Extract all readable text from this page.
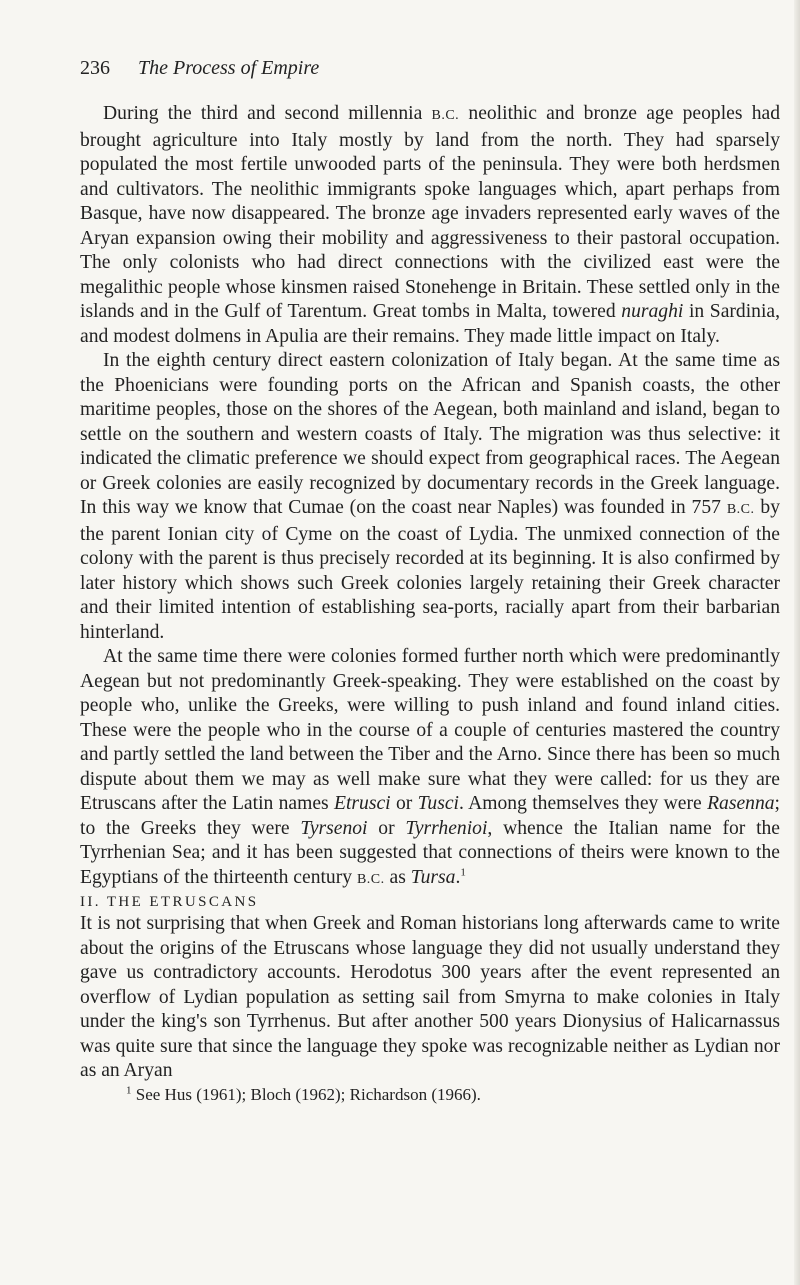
236 The Process of Empire

During the third and second millennia B.C. neolithic and bronze age peoples had brought agriculture into Italy mostly by land from the north. They had sparsely populated the most fertile unwooded parts of the peninsula. They were both herdsmen and cultivators. The neolithic immigrants spoke languages which, apart perhaps from Basque, have now disappeared. The bronze age invaders represented early waves of the Aryan expansion owing their mobility and aggressiveness to their pastoral occupation. The only colonists who had direct connections with the civilized east were the megalithic people whose kinsmen raised Stonehenge in Britain. These settled only in the islands and in the Gulf of Tarentum. Great tombs in Malta, towered nuraghi in Sardinia, and modest dolmens in Apulia are their remains. They made little impact on Italy.

In the eighth century direct eastern colonization of Italy began. At the same time as the Phoenicians were founding ports on the African and Spanish coasts, the other maritime peoples, those on the shores of the Aegean, both mainland and island, began to settle on the southern and western coasts of Italy. The migration was thus selective: it indicated the climatic preference we should expect from geographical races. The Aegean or Greek colonies are easily recognized by documentary records in the Greek language. In this way we know that Cumae (on the coast near Naples) was founded in 757 B.C. by the parent Ionian city of Cyme on the coast of Lydia. The unmixed connection of the colony with the parent is thus precisely recorded at its beginning. It is also confirmed by later history which shows such Greek colonies largely retaining their Greek character and their limited intention of establishing sea-ports, racially apart from their barbarian hinterland.

At the same time there were colonies formed further north which were predominantly Aegean but not predominantly Greek-speaking. They were established on the coast by people who, unlike the Greeks, were willing to push inland and found inland cities. These were the people who in the course of a couple of centuries mastered the country and partly settled the land between the Tiber and the Arno. Since there has been so much dispute about them we may as well make sure what they were called: for us they are Etruscans after the Latin names Etrusci or Tusci. Among themselves they were Rasenna; to the Greeks they were Tyrsenoi or Tyrrhenioi, whence the Italian name for the Tyrrhenian Sea; and it has been suggested that connections of theirs were known to the Egyptians of the thirteenth century B.C. as Tursa.$^1$

II. THE ETRUSCANS

It is not surprising that when Greek and Roman historians long afterwards came to write about the origins of the Etruscans whose language they did not usually understand they gave us contradictory accounts. Herodotus 300 years after the event represented an overflow of Lydian population as setting sail from Smyrna to make colonies in Italy under the king's son Tyrrhenus. But after another 500 years Dionysius of Halicarnassus was quite sure that since the language they spoke was recognizable neither as Lydian nor as an Aryan

$^1$ See Hus (1961); Bloch (1962); Richardson (1966).
